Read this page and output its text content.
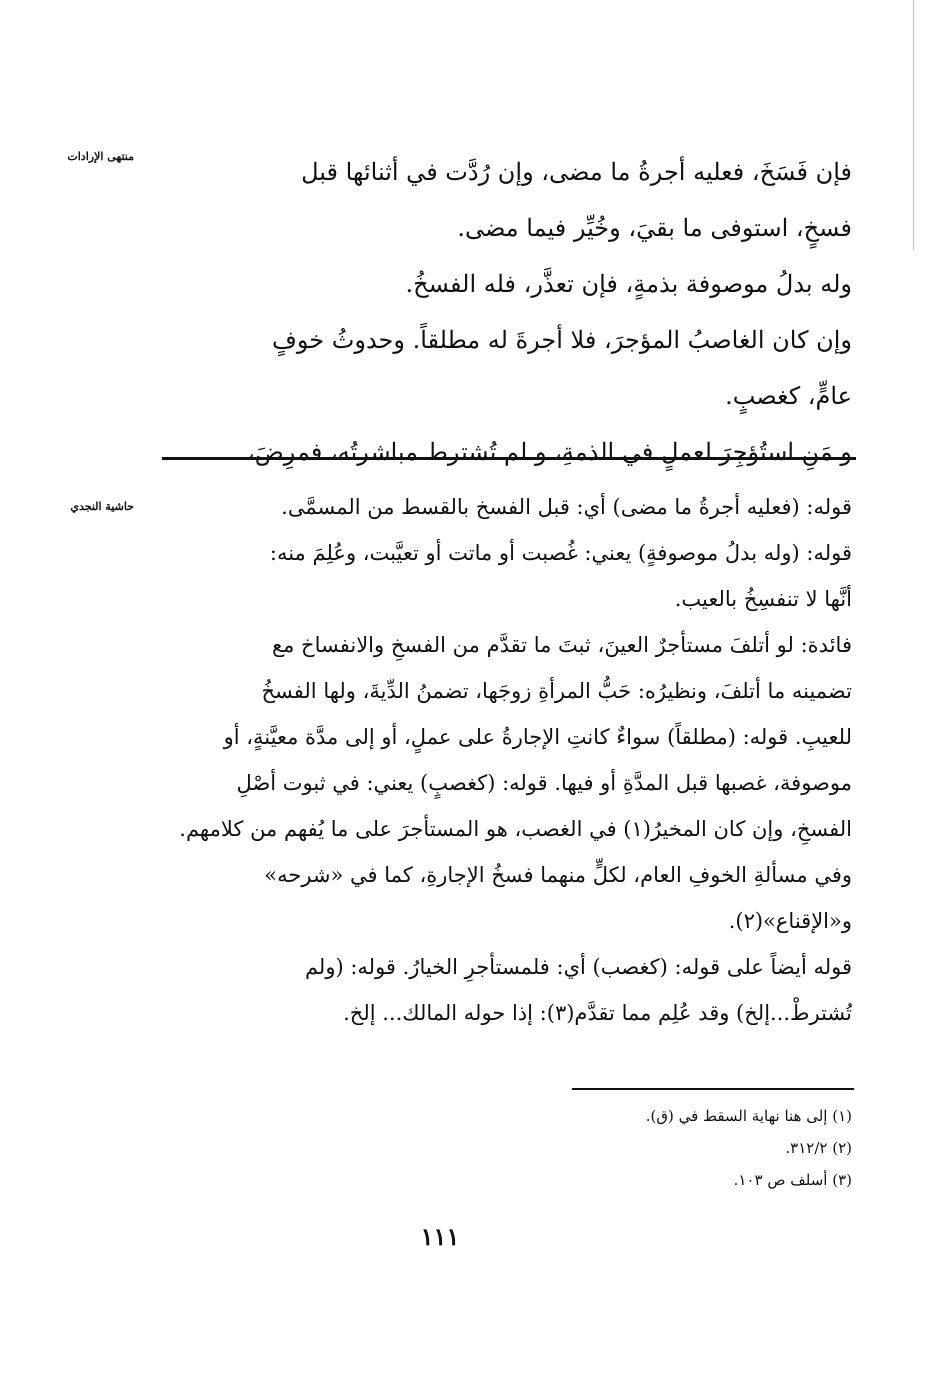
منتهى الإرادات
حاشية النجدي
فإن فَسَخَ، فعليه أجرةُ ما مضى، وإن رُدَّت في أثنائها قبل
فسخٍ، استوفى ما بقيَ، وخُيِّر فيما مضى.
وله بدلُ موصوفة بذمةٍ، فإن تعذَّر، فله الفسخُ.
وإن كان الغاصبُ المؤجرَ، فلا أجرةَ له مطلقاً. وحدوثُ خوفٍ
عامٍّ، كغصبٍ.
و مَنِ استُؤجِرَ لعملٍ في الذمةِ، و لم تُشترط مباشرتُه، فمرِضَ،
قوله: (فعليه أجرةُ ما مضى) أي: قبل الفسخ بالقسط من المسمَّى.
قوله: (وله بدلُ موصوفةٍ) يعني: غُصبت أو ماتت أو تعيَّبت، وعُلِمَ منه:
أنَّها لا تنفسِخُ بالعيب.
فائدة: لو أتلفَ مستأجرٌ العينَ، ثبتَ ما تقدَّم من الفسخِ والانفساخ مع
تضمينه ما أتلفَ، ونظيرُه: حَبُّ المرأةِ زوجَها، تضمنُ الدِّيةَ، ولها الفسخُ
للعيبِ. قوله: (مطلقاً) سواءٌ كانتِ الإجارةُ على عملٍ، أو إلى مدَّة معيَّنةٍ، أو
موصوفة، غصبها قبل المدَّةِ أو فيها. قوله: (كغصبٍ) يعني: في ثبوت أصْلِ
الفسخِ، وإن كان المخيرُ(١) في الغصب، هو المستأجرَ على ما يُفهم من كلامهم.
وفي مسألةِ الخوفِ العام، لكلٍّ منهما فسخُ الإجارةِ، كما في «شرحه»
و«الإقناع»(٢).
قوله أيضاً على قوله: (كغصب) أي: فلمستأجرِ الخيارُ. قوله: (ولم
تُشترطْ...إلخ) وقد عُلِم مما تقدَّم(٣): إذا حوله المالك... إلخ.
(١) إلى هنا نهاية السقط في (ق).
(٢) ٣١٢/٢.
(٣) أسلف ص ١٠٣.
١١١
